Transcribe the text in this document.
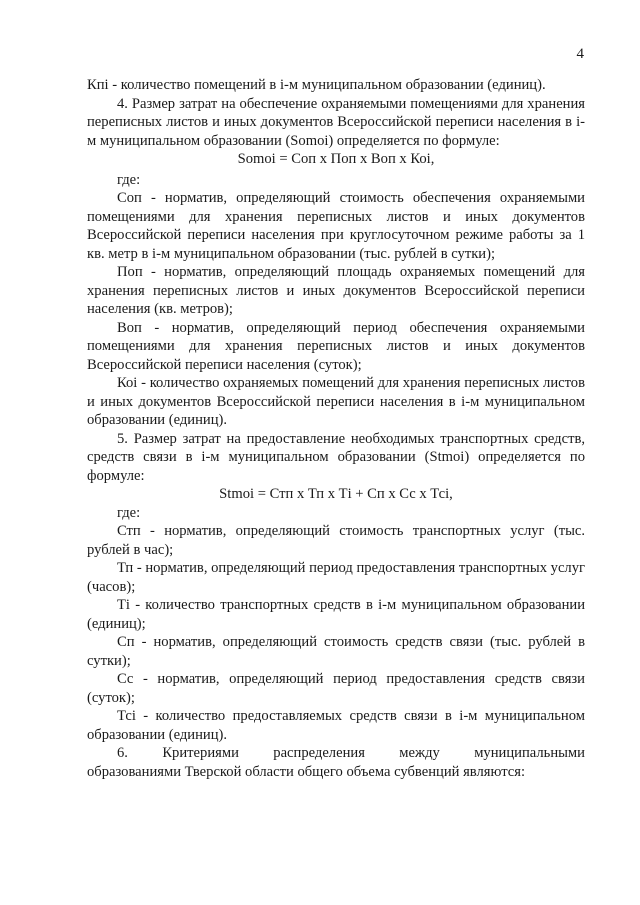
4

Кпi - количество помещений в i-м муниципальном образовании (единиц).

4. Размер затрат на обеспечение охраняемыми помещениями для хранения переписных листов и иных документов Всероссийской переписи населения в i-м муниципальном образовании (Sоmоi) определяется по формуле:

Sоmоi = Соп х Поп х Воп х Коi,

где:

Соп - норматив, определяющий стоимость обеспечения охраняемыми помещениями для хранения переписных листов и иных документов Всероссийской переписи населения при круглосуточном режиме работы за 1 кв. метр в i-м муниципальном образовании (тыс. рублей в сутки);

Поп - норматив, определяющий площадь охраняемых помещений для хранения переписных листов и иных документов Всероссийской переписи населения (кв. метров);

Воп - норматив, определяющий период обеспечения охраняемыми помещениями для хранения переписных листов и иных документов Всероссийской переписи населения (суток);

Коi - количество охраняемых помещений для хранения переписных листов и иных документов Всероссийской переписи населения в i-м муниципальном образовании (единиц).

5. Размер затрат на предоставление необходимых транспортных средств, средств связи в i-м муниципальном образовании (Stmoi) определяется по формуле:

Stmoi = Стп х Тп х Тi + Сп х Сс х Тсi,

где:

Стп - норматив, определяющий стоимость транспортных услуг (тыс. рублей в час);

Тп - норматив, определяющий период предоставления транспортных услуг (часов);

Тi - количество транспортных средств в i-м муниципальном образовании (единиц);

Сп - норматив, определяющий стоимость средств связи (тыс. рублей в сутки);

Сс - норматив, определяющий период предоставления средств связи (суток);

Тсi - количество предоставляемых средств связи в i-м муниципальном образовании (единиц).

6. Критериями распределения между муниципальными

образованиями Тверской области общего объема субвенций являются:
